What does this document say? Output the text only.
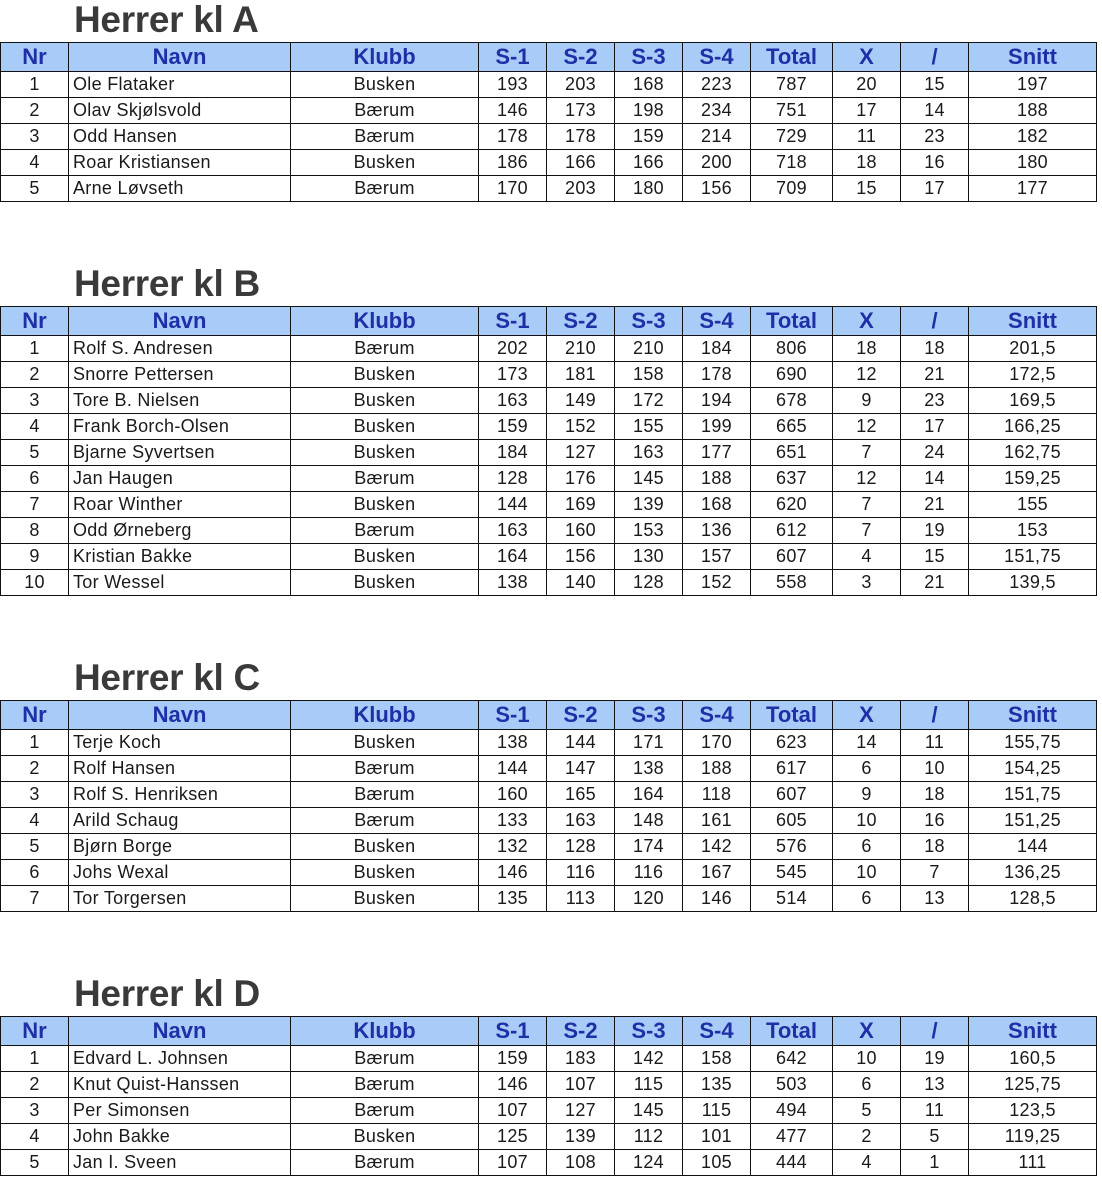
Herrer kl A
Nr	Navn	Klubb	S-1	S-2	S-3	S-4	Total	X	/	Snitt
1	Ole Flataker	Busken	193	203	168	223	787	20	15	197
2	Olav Skjølsvold	Bærum	146	173	198	234	751	17	14	188
3	Odd Hansen	Bærum	178	178	159	214	729	11	23	182
4	Roar Kristiansen	Busken	186	166	166	200	718	18	16	180
5	Arne Løvseth	Bærum	170	203	180	156	709	15	17	177
Herrer kl B
Nr	Navn	Klubb	S-1	S-2	S-3	S-4	Total	X	/	Snitt
1	Rolf S. Andresen	Bærum	202	210	210	184	806	18	18	201,5
2	Snorre Pettersen	Busken	173	181	158	178	690	12	21	172,5
3	Tore B. Nielsen	Busken	163	149	172	194	678	9	23	169,5
4	Frank Borch-Olsen	Busken	159	152	155	199	665	12	17	166,25
5	Bjarne Syvertsen	Busken	184	127	163	177	651	7	24	162,75
6	Jan Haugen	Bærum	128	176	145	188	637	12	14	159,25
7	Roar Winther	Busken	144	169	139	168	620	7	21	155
8	Odd Ørneberg	Bærum	163	160	153	136	612	7	19	153
9	Kristian Bakke	Busken	164	156	130	157	607	4	15	151,75
10	Tor Wessel	Busken	138	140	128	152	558	3	21	139,5
Herrer kl C
Nr	Navn	Klubb	S-1	S-2	S-3	S-4	Total	X	/	Snitt
1	Terje Koch	Busken	138	144	171	170	623	14	11	155,75
2	Rolf Hansen	Bærum	144	147	138	188	617	6	10	154,25
3	Rolf S. Henriksen	Bærum	160	165	164	118	607	9	18	151,75
4	Arild Schaug	Bærum	133	163	148	161	605	10	16	151,25
5	Bjørn Borge	Busken	132	128	174	142	576	6	18	144
6	Johs Wexal	Busken	146	116	116	167	545	10	7	136,25
7	Tor Torgersen	Busken	135	113	120	146	514	6	13	128,5
Herrer kl D
Nr	Navn	Klubb	S-1	S-2	S-3	S-4	Total	X	/	Snitt
1	Edvard L. Johnsen	Bærum	159	183	142	158	642	10	19	160,5
2	Knut Quist-Hanssen	Bærum	146	107	115	135	503	6	13	125,75
3	Per Simonsen	Bærum	107	127	145	115	494	5	11	123,5
4	John Bakke	Busken	125	139	112	101	477	2	5	119,25
5	Jan I. Sveen	Bærum	107	108	124	105	444	4	1	111
